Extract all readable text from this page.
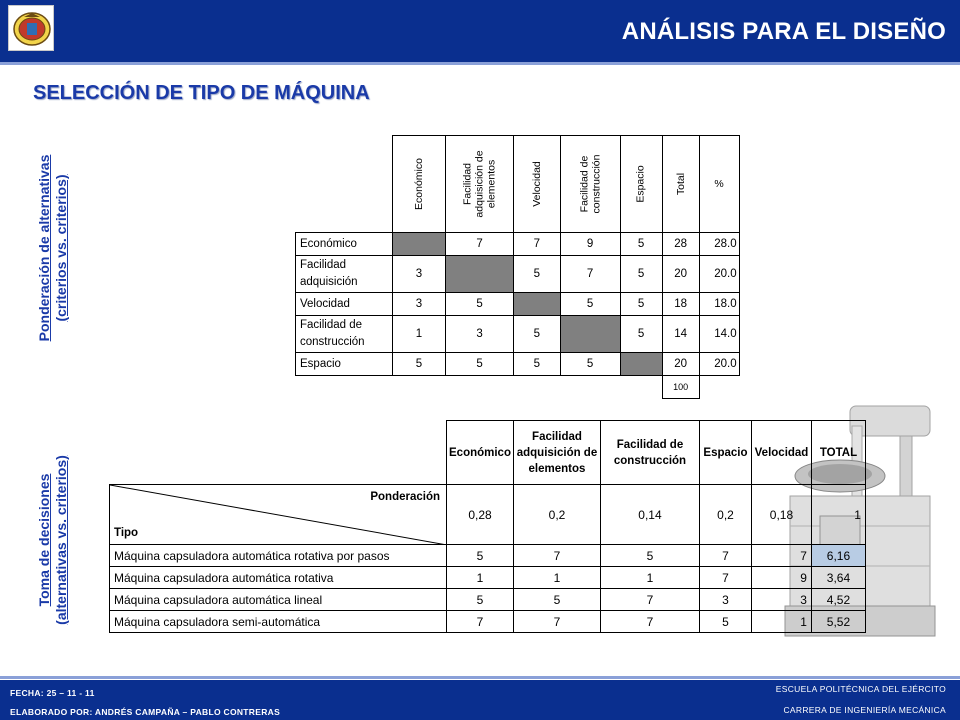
ANÁLISIS PARA EL DISEÑO
SELECCIÓN DE TIPO DE MÁQUINA
Ponderación de alternativas (criterios vs. criterios)
Toma de decisiones (alternativas vs. criterios)

	Económico	Facilidad adquisición de elementos	Velocidad	Facilidad de construcción	Espacio	Total	%

Económico		7	7	9	5	28	28.0
Facilidad adquisición	3		5	7	5	20	20.0
Velocidad	3	5		5	5	18	18.0
Facilidad de construcción	1	3	5		5	14	14.0
Espacio	5	5	5	5		20	20.0
						100	
	Económico	Facilidad adquisición de elementos	Facilidad de construcción	Espacio	Velocidad	TOTAL

Ponderación
Tipo	0,28	0,2	0,14	0,2	0,18	1
Máquina capsuladora automática rotativa por pasos	5	7	5	7	7	6,16
Máquina capsuladora automática rotativa	1	1	1	7	9	3,64
Máquina capsuladora automática lineal	5	5	7	3	3	4,52
Máquina capsuladora semi-automática	7	7	7	5	1	5,52
FECHA: 25 – 11 - 11
ELABORADO POR: ANDRÉS CAMPAÑA – PABLO CONTRERAS
ESCUELA POLITÉCNICA DEL EJÉRCITO
CARRERA DE INGENIERÍA MECÁNICA
